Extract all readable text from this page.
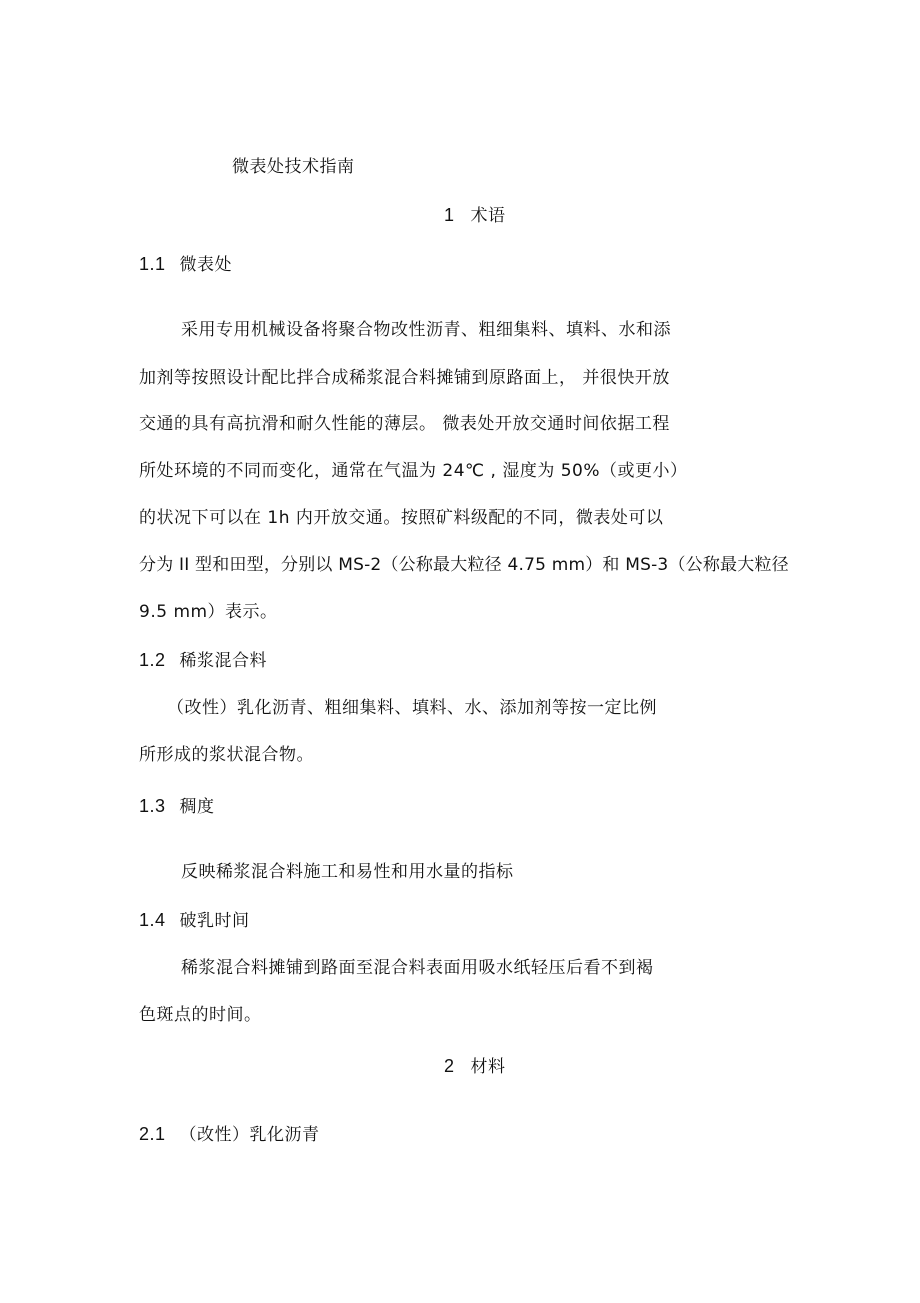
微表处技术指南
1 术语
1.1 微表处
采用专用机械设备将聚合物改性沥青、粗细集料、填料、水和添
加剂等按照设计配比拌合成稀浆混合料摊铺到原路面上， 并很快开放
交通的具有高抗滑和耐久性能的薄层。 微表处开放交通时间依据工程
所处环境的不同而变化，通常在气温为 24℃ , 湿度为 50%（或更小）
的状况下可以在 1h 内开放交通。按照矿料级配的不同，微表处可以
分为 II 型和田型，分别以 MS-2（公称最大粒径 4.75 mm）和 MS-3（公称最大粒径
9.5 mm）表示。
1.2 稀浆混合料
（改性）乳化沥青、粗细集料、填料、水、添加剂等按一定比例
所形成的浆状混合物。
1.3 稠度
反映稀浆混合料施工和易性和用水量的指标
1.4 破乳时间
稀浆混合料摊铺到路面至混合料表面用吸水纸轻压后看不到褐
色斑点的时间。
2 材料
2.1 （改性）乳化沥青
